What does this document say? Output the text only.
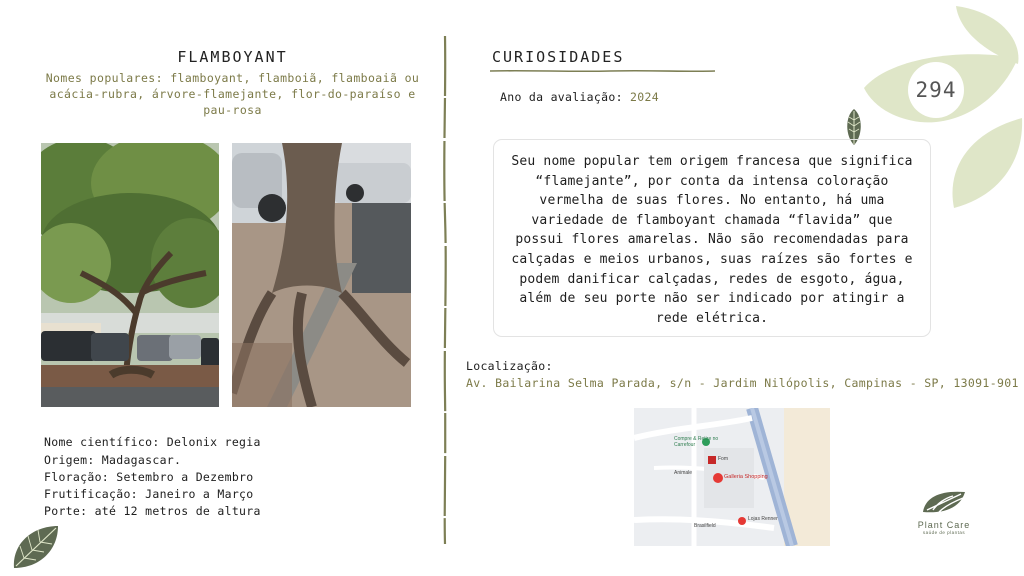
294
FLAMBOYANT
Nomes populares: flamboyant, flamboiã, flamboaiã ou acácia-rubra, árvore-flamejante, flor-do-paraíso e pau-rosa
Nome científico: Delonix regia
Origem: Madagascar.
Floração: Setembro a Dezembro
Frutificação: Janeiro a Março
Porte: até 12 metros de altura
CURIOSIDADES
Ano da avaliação: 2024
Seu nome popular tem origem francesa que significa “flamejante”, por conta da intensa coloração vermelha de suas flores. No entanto, há uma variedade de flamboyant chamada “flavida” que possui flores amarelas. Não são recomendadas para calçadas e meios urbanos, suas raízes são fortes e podem danificar calçadas, redes de esgoto, água, além de seu porte não ser indicado por atingir a rede elétrica.
Localização:
Av. Bailarina Selma Parada, s/n - Jardim Nilópolis, Campinas - SP, 13091-901
Compre & Retire no Carrefour
Fom
Galleria Shopping
Animale
Lojas Renner
Brasilfield	Plant Care
saúde de plantas
